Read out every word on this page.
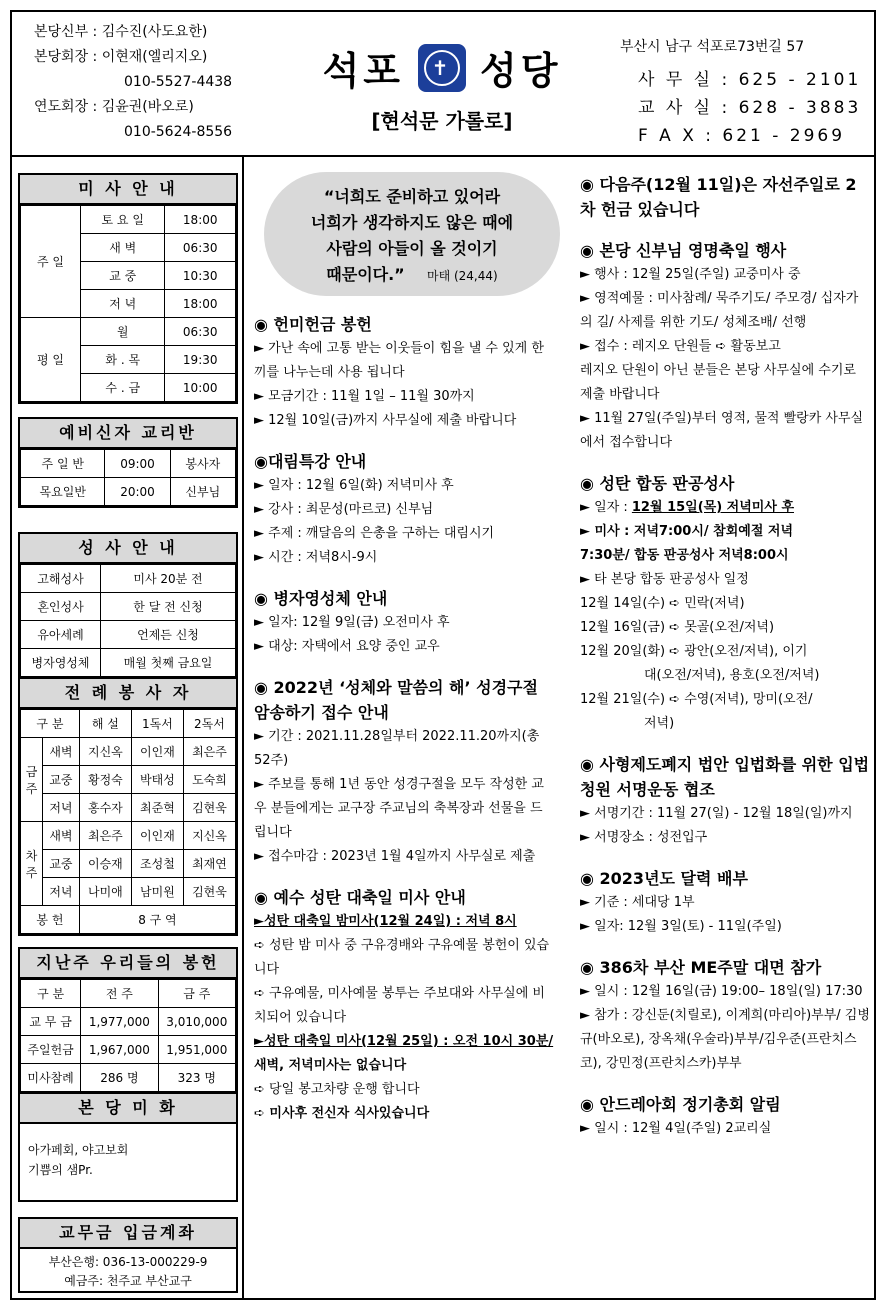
본당신부 : 김수진(사도요한)
본당회장 : 이현재(엘리지오)
010-5527-4438
연도회장 : 김윤권(바오로)
010-5624-8556
석포	✝ 성당
[현석문 가롤로]
부산시 남구 석포로73번길 57
사 무 실 : 625 - 2101
교 사 실 : 628 - 3883
F A X : 621 - 2969
미 사 안 내
주 일	토 요 일	18:00
	새 벽	06:30
	교 중	10:30
	저 녁	18:00
평 일	월	06:30
	화 . 목	19:30
	수 . 금	10:00
예비신자 교리반
주 일 반	09:00	봉사자
목요일반	20:00	신부님
성 사 안 내
고해성사	미사 20분 전
혼인성사	한 달 전 신청
유아세례	언제든 신청
병자영성체	매월 첫째 금요일
전 례 봉 사 자
구 분		해 설	1독서	2독서
금주	새벽	지신옥	이인재	최은주
	교중	황정숙	박태성	도숙희
	저녁	홍수자	최준혁	김현욱
차주	새벽	최은주	이인재	지신옥
	교중	이승재	조성철	최재연
	저녁	나미애	남미원	김현욱
봉 헌		8 구 역		
지난주 우리들의 봉헌
구 분	전 주	금 주
교 무 금	1,977,000	3,010,000
주일헌금	1,967,000	1,951,000
미사참례	286 명	323 명
본 당 미 화
아가페회, 야고보회
기쁨의 샘Pr.
교무금 입금계좌
부산은행: 036-13-000229-9
예금주: 천주교 부산교구
“너희도 준비하고 있어라
너희가 생각하지도 않은 때에
사람의 아들이 올 것이기
때문이다.” 마태 (24,44)
◉ 헌미헌금 봉헌

► 가난 속에 고통 받는 이웃들이 힘을 낼 수 있게 한 끼를 나누는데 사용 됩니다

► 모금기간 : 11월 1일 – 11월 30까지

► 12월 10일(금)까지 사무실에 제출 바랍니다

◉대림특강 안내

► 일자 : 12월 6일(화) 저녁미사 후

► 강사 : 최문성(마르코) 신부님

► 주제 : 깨달음의 은총을 구하는 대림시기

► 시간 : 저녁8시-9시

◉ 병자영성체 안내

► 일자: 12월 9일(금) 오전미사 후

► 대상: 자택에서 요양 중인 교우

◉ 2022년 ‘성체와 말씀의 해’ 성경구절 암송하기 접수 안내

► 기간 : 2021.11.28일부터 2022.11.20까지(총 52주)

► 주보를 통해 1년 동안 성경구절을 모두 작성한 교우 분들에게는 교구장 주교님의 축복장과 선물을 드립니다

► 접수마감 : 2023년 1월 4일까지 사무실로 제출

◉ 예수 성탄 대축일 미사 안내

►성탄 대축일 밤미사(12월 24일) : 저녁 8시

➪ 성탄 밤 미사 중 구유경배와 구유예물 봉헌이 있습니다

➪ 구유예물, 미사예물 봉투는 주보대와 사무실에 비치되어 있습니다

►성탄 대축일 미사(12월 25일) : 오전 10시 30분/ 새벽, 저녁미사는 없습니다

➪ 당일 봉고차량 운행 합니다

➪ 미사후 전신자 식사있습니다

◉ 다음주(12월 11일)은 자선주일로 2차 헌금 있습니다
◉ 본당 신부님 영명축일 행사

► 행사 : 12월 25일(주일) 교중미사 중

► 영적예물 : 미사참례/ 묵주기도/ 주모경/ 십자가의 길/ 사제를 위한 기도/ 성체조배/ 선행

► 접수 : 레지오 단원들 ➪ 활동보고

레지오 단원이 아닌 분들은 본당 사무실에 수기로 제출 바랍니다

► 11월 27일(주일)부터 영적, 물적 빨랑카 사무실에서 접수합니다

◉ 성탄 합동 판공성사

► 일자 : 12월 15일(목) 저녁미사 후

► 미사 : 저녁7:00시/ 참회예절 저녁

7:30분/ 합동 판공성사 저녁8:00시

► 타 본당 합동 판공성사 일정

12월 14일(수) ➪ 민락(저녁)

12월 16일(금) ➪ 못골(오전/저녁)

12월 20일(화) ➪ 광안(오전/저녁), 이기

대(오전/저녁), 용호(오전/저녁)

12월 21일(수) ➪ 수영(저녁), 망미(오전/

저녁)

◉ 사형제도폐지 법안 입법화를 위한 입법청원 서명운동 협조

► 서명기간 : 11월 27(일) - 12월 18일(일)까지

► 서명장소 : 성전입구

◉ 2023년도 달력 배부

► 기준 : 세대당 1부

► 일자: 12월 3일(토) - 11일(주일)

◉ 386차 부산 ME주말 대면 참가

► 일시 : 12월 16일(금) 19:00– 18일(일) 17:30

► 참가 : 강신둔(치릴로), 이계희(마리아)부부/ 김병규(바오로), 장옥채(우술라)부부/김우준(프란치스코), 강민정(프란치스카)부부

◉ 안드레아회 정기총회 알림

► 일시 : 12월 4일(주일) 2교리실
